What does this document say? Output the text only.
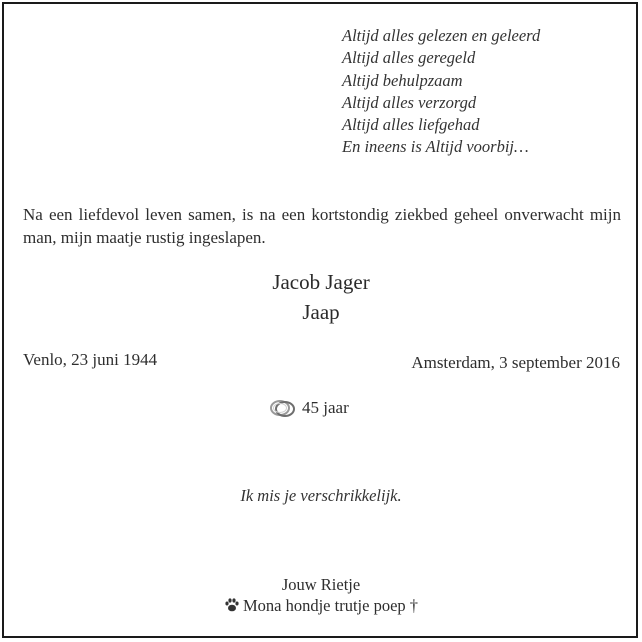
Altijd alles gelezen en geleerd
Altijd alles geregeld
Altijd behulpzaam
Altijd alles verzorgd
Altijd alles liefgehad
En ineens is Altijd voorbij…

Na een liefdevol leven samen, is na een kortstondig ziekbed geheel onverwacht mijn man, mijn maatje rustig ingeslapen.

Jacob Jager
Jaap
Venlo, 23 juni 1944	Amsterdam, 3 september 2016
45 jaar
Ik mis je verschrikkelijk.
Jouw Rietje
Mona hondje trutje poep †
